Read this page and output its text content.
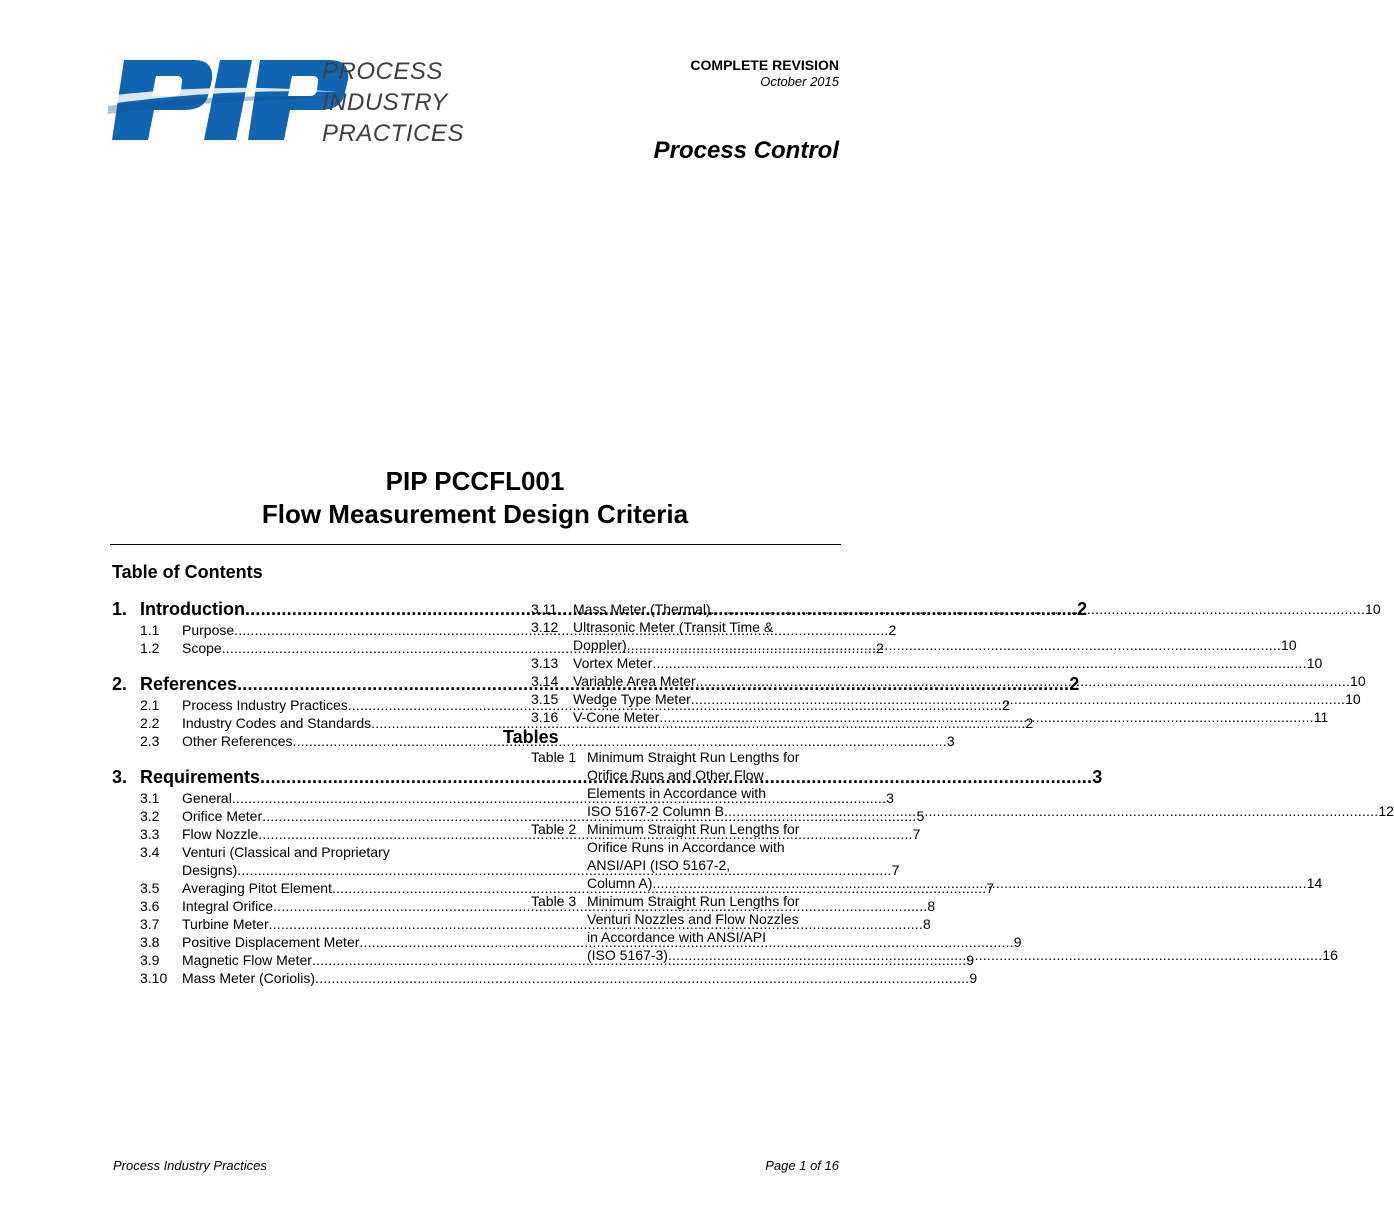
PROCESS
INDUSTRY
PRACTICES
COMPLETE REVISION
October 2015
Process Control
PIP PCCFL001
Flow Measurement Design Criteria
Table of Contents
1. Introduction .....	2
1.1	Purpose .....	2
1.2	Scope .....	2
2. References .....	2
2.1	Process Industry Practices .....	2
2.2	Industry Codes and Standards .....	2
2.3	Other References .....	3
3. Requirements .....	3
3.1	General .....	3
3.2	Orifice Meter .....	5
3.3	Flow Nozzle .....	7
3.4	Venturi (Classical and Proprietary
Designs) .....	7
3.5	Averaging Pitot Element .....	7
3.6	Integral Orifice .....	8
3.7	Turbine Meter .....	8
3.8	Positive Displacement Meter .....	9
3.9	Magnetic Flow Meter .....	9
3.10	Mass Meter (Coriolis) .....	9
3.11	Mass Meter (Thermal) .....	10
3.12	Ultrasonic Meter (Transit Time &
Doppler) .....	10
3.13	Vortex Meter .....	10
3.14	Variable Area Meter .....	10
3.15	Wedge Type Meter .....	10
3.16	V-Cone Meter .....	11
Tables
Table 1 Minimum Straight Run Lengths for
Orifice Runs and Other Flow
Elements in Accordance with
ISO 5167-2 Column B .....	12
Table 2 Minimum Straight Run Lengths for
Orifice Runs in Accordance with
ANSI/API (ISO 5167-2,
Column A) .....	14
Table 3 Minimum Straight Run Lengths for
Venturi Nozzles and Flow Nozzles
in Accordance with ANSI/API
(ISO 5167-3) .....	16
Process Industry Practices	Page 1 of 16
